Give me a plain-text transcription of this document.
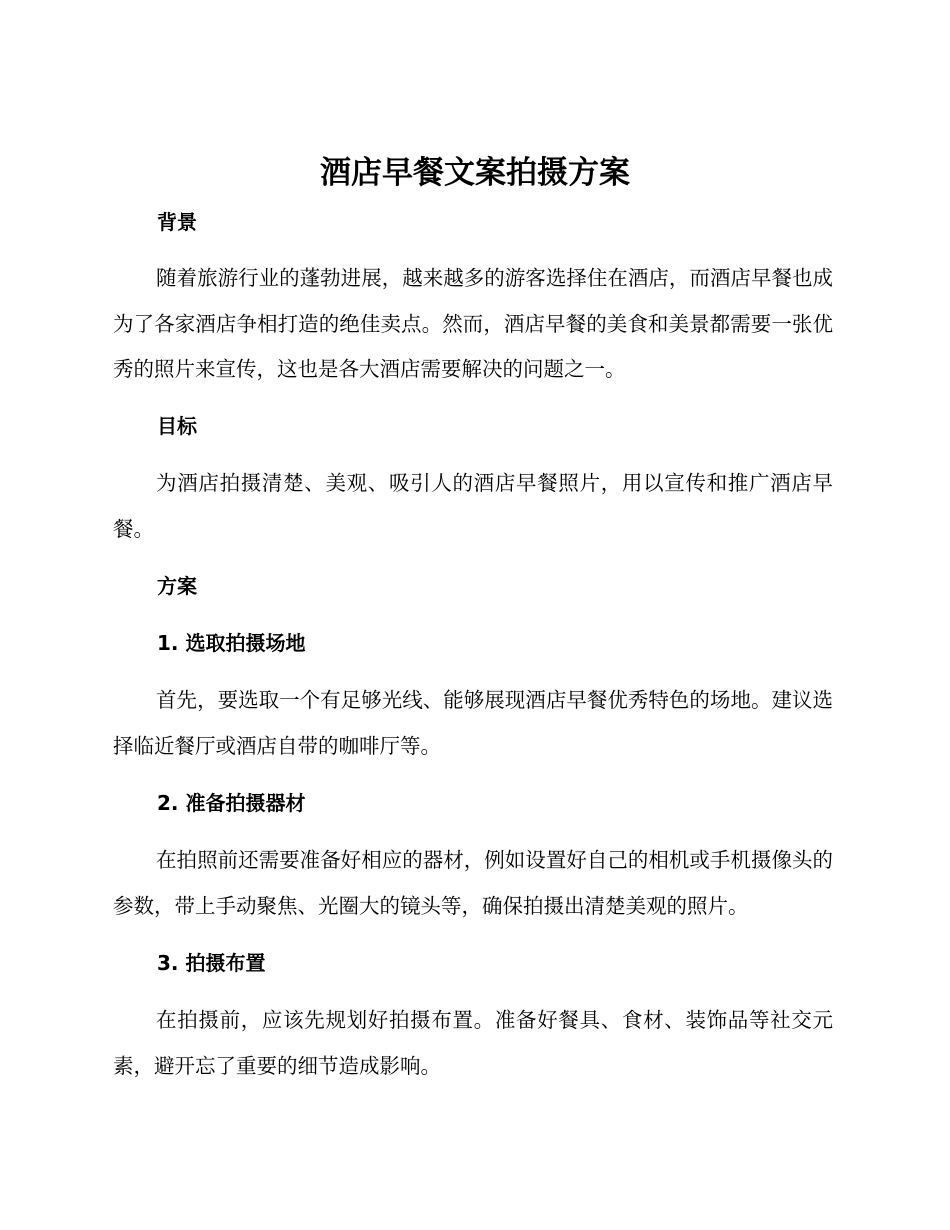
酒店早餐文案拍摄方案
背景

随着旅游行业的蓬勃进展，越来越多的游客选择住在酒店，而酒店早餐也成为了各家酒店争相打造的绝佳卖点。然而，酒店早餐的美食和美景都需要一张优秀的照片来宣传，这也是各大酒店需要解决的问题之一。

目标

为酒店拍摄清楚、美观、吸引人的酒店早餐照片，用以宣传和推广酒店早餐。

方案
1. 选取拍摄场地

首先，要选取一个有足够光线、能够展现酒店早餐优秀特色的场地。建议选择临近餐厅或酒店自带的咖啡厅等。

2. 准备拍摄器材

在拍照前还需要准备好相应的器材，例如设置好自己的相机或手机摄像头的参数，带上手动聚焦、光圈大的镜头等，确保拍摄出清楚美观的照片。

3. 拍摄布置

在拍摄前，应该先规划好拍摄布置。准备好餐具、食材、装饰品等社交元素，避开忘了重要的细节造成影响。
